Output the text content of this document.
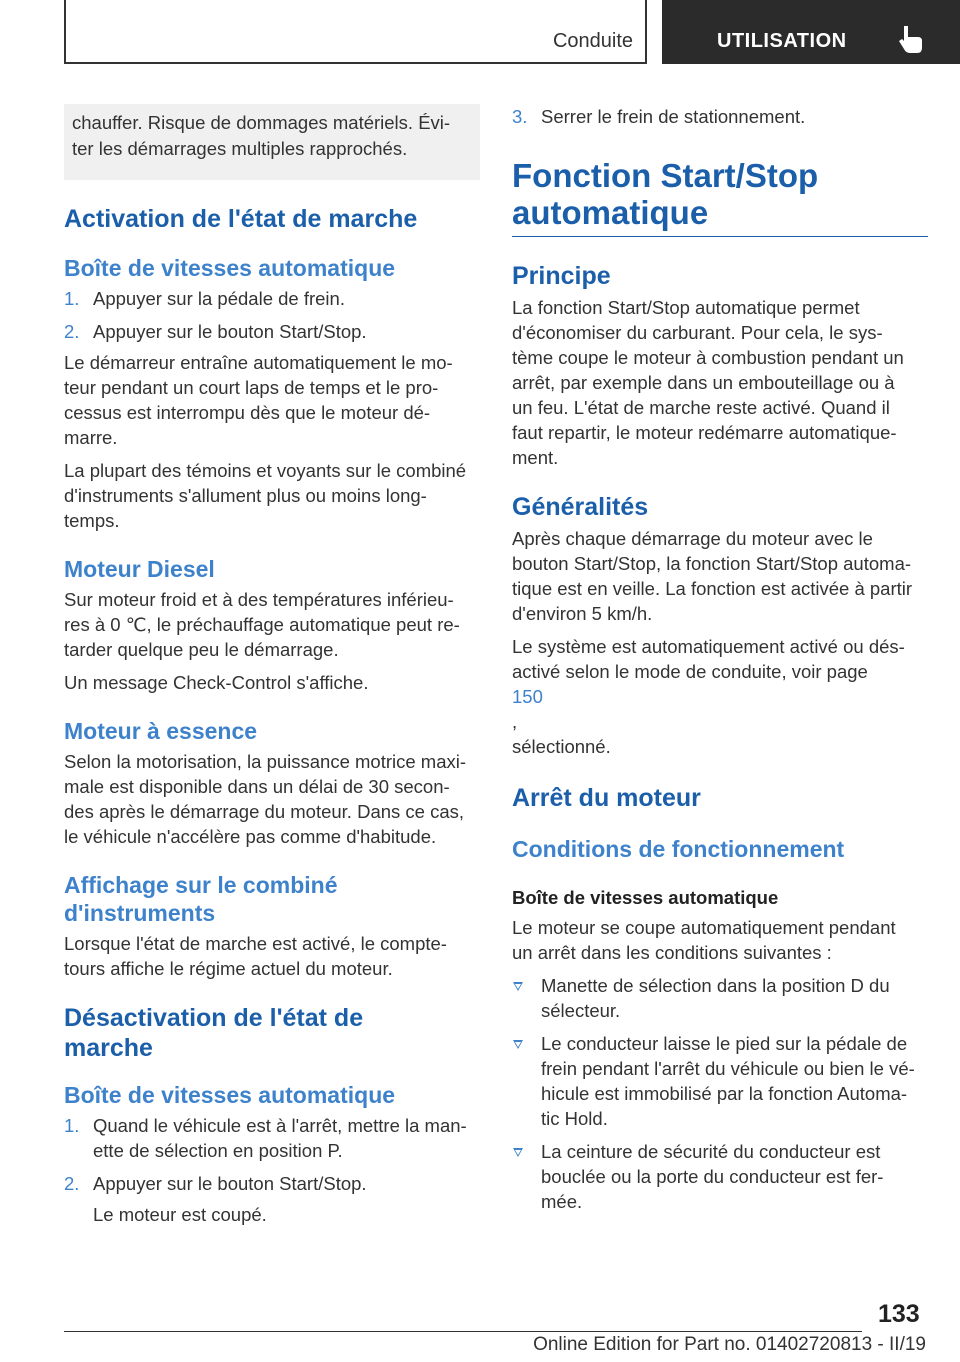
Conduite	UTILISATION
chauffer. Risque de dommages matériels. Évi-
ter les démarrages multiples rapprochés.
Activation de l'état de marche
Boîte de vitesses automatique
1. Appuyer sur la pédale de frein.
2. Appuyer sur le bouton Start/Stop.

Le démarreur entraîne automatiquement le mo-
teur pendant un court laps de temps et le pro-
cessus est interrompu dès que le moteur dé-
marre.

La plupart des témoins et voyants sur le combiné
d'instruments s'allument plus ou moins long-
temps.

Moteur Diesel

Sur moteur froid et à des températures inférieu-
res à 0 ℃, le préchauffage automatique peut re-
tarder quelque peu le démarrage.

Un message Check-Control s'affiche.

Moteur à essence

Selon la motorisation, la puissance motrice maxi-
male est disponible dans un délai de 30 secon-
des après le démarrage du moteur. Dans ce cas,
le véhicule n'accélère pas comme d'habitude.

Affichage sur le combiné
d'instruments

Lorsque l'état de marche est activé, le compte-
tours affiche le régime actuel du moteur.

Désactivation de l'état de
marche
Boîte de vitesses automatique
1. Quand le véhicule est à l'arrêt, mettre la man-
ette de sélection en position P.
2. Appuyer sur le bouton Start/Stop.
Le moteur est coupé.
3. Serrer le frein de stationnement.
Fonction Start/Stop
automatique
Principe

La fonction Start/Stop automatique permet
d'économiser du carburant. Pour cela, le sys-
tème coupe le moteur à combustion pendant un
arrêt, par exemple dans un embouteillage ou à
un feu. L'état de marche reste activé. Quand il
faut repartir, le moteur redémarre automatique-
ment.

Généralités

Après chaque démarrage du moteur avec le
bouton Start/Stop, la fonction Start/Stop automa-
tique est en veille. La fonction est activée à partir
d'environ 5 km/h.

Le système est automatiquement activé ou dés-
activé selon le mode de conduite, voir page
150
,
sélectionné.

Arrêt du moteur
Conditions de fonctionnement
Boîte de vitesses automatique

Le moteur se coupe automatiquement pendant
un arrêt dans les conditions suivantes :

Manette de sélection dans la position D du
sélecteur.
Le conducteur laisse le pied sur la pédale de
frein pendant l'arrêt du véhicule ou bien le vé-
hicule est immobilisé par la fonction Automa-
tic Hold.
La ceinture de sécurité du conducteur est
bouclée ou la porte du conducteur est fer-
mée.
133
Online Edition for Part no. 01402720813 - II/19
